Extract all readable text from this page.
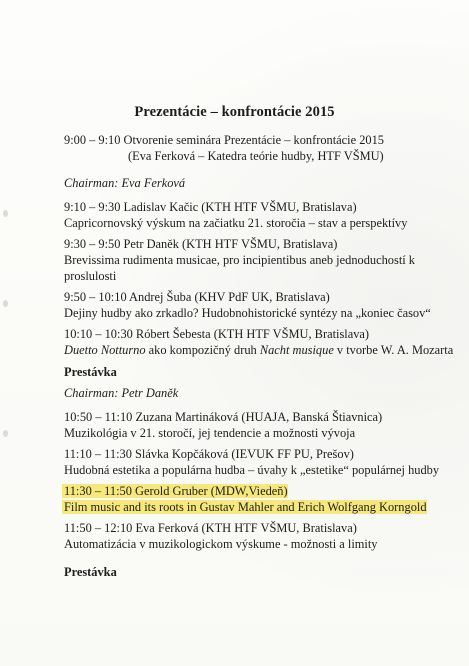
Prezentácie – konfrontácie 2015
9:00 – 9:10 Otvorenie seminára Prezentácie – konfrontácie 2015
(Eva Ferková – Katedra teórie hudby, HTF VŠMU)
Chairman: Eva Ferková
9:10 – 9:30 Ladislav Kačic (KTH HTF VŠMU, Bratislava)
Capricornovský výskum na začiatku 21. storočia – stav a perspektívy
9:30 – 9:50 Petr Daněk (KTH HTF VŠMU, Bratislava)
Brevissima rudimenta musicae, pro incipientibus aneb jednoduchostí k proslulosti
9:50 – 10:10 Andrej Šuba (KHV PdF UK, Bratislava)
Dejiny hudby ako zrkadlo? Hudobnohistorické syntézy na „koniec časov“
10:10 – 10:30 Róbert Šebesta (KTH HTF VŠMU, Bratislava)
Duetto Notturno ako kompozičný druh Nacht musique v tvorbe W. A. Mozarta
Prestávka
Chairman: Petr Daněk
10:50 – 11:10 Zuzana Martináková (HUAJA, Banská Štiavnica)
Muzikológia v 21. storočí, jej tendencie a možnosti vývoja
11:10 – 11:30 Slávka Kopčáková (IEVUK FF PU, Prešov)
Hudobná estetika a populárna hudba – úvahy k „estetike“ populárnej hudby
11:30 – 11:50 Gerold Gruber (MDW,Viedeň)
Film music and its roots in Gustav Mahler and Erich Wolfgang Korngold
11:50 – 12:10 Eva Ferková (KTH HTF VŠMU, Bratislava)
Automatizácia v muzikologickom výskume - možnosti a limity
Prestávka
